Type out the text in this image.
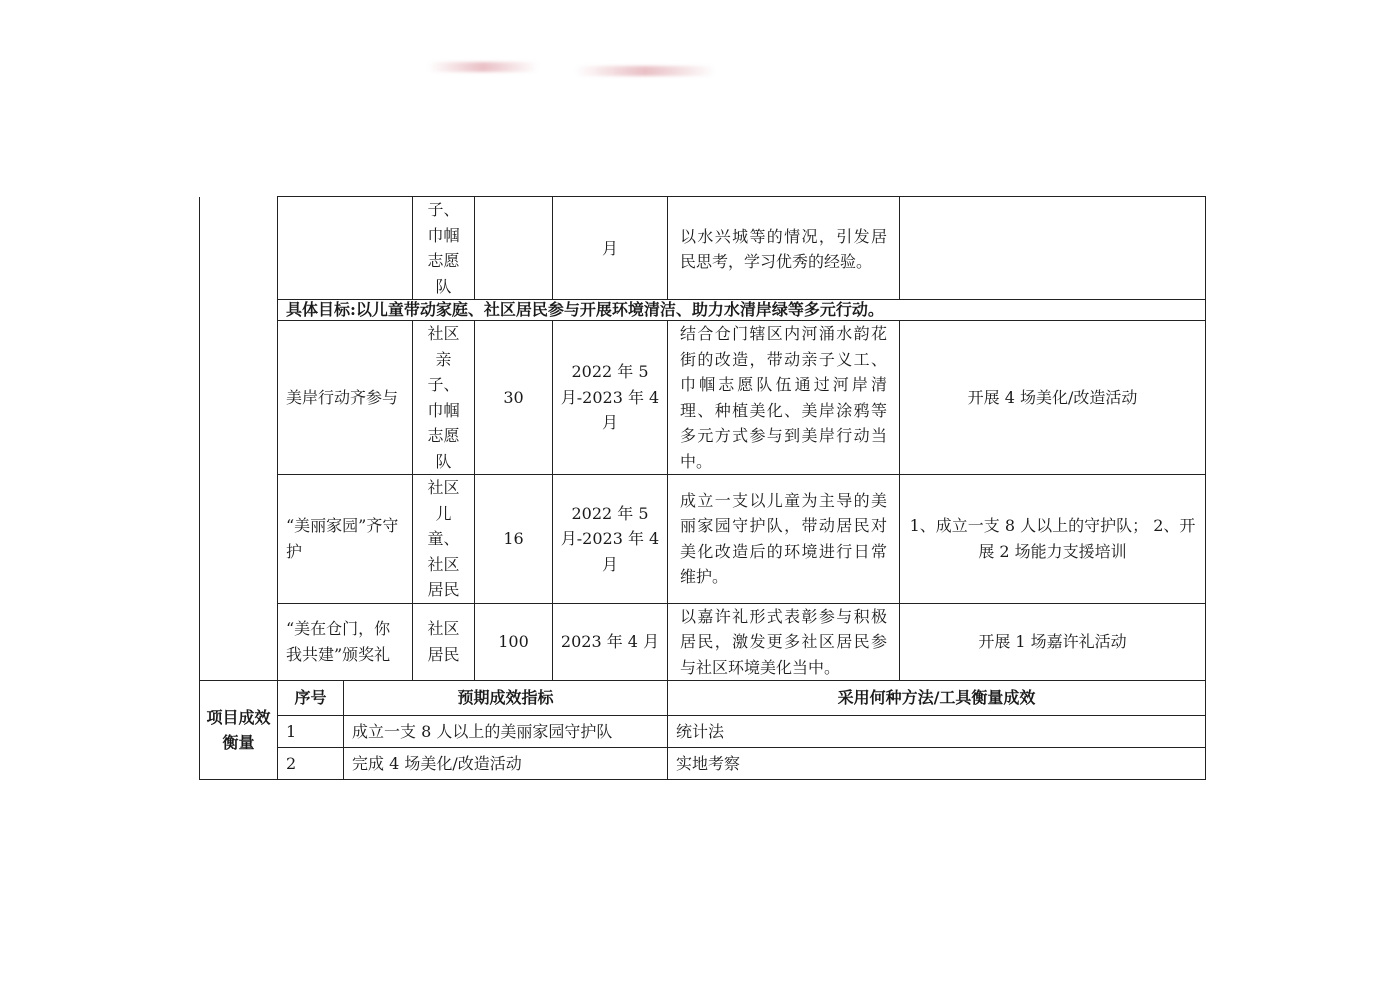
			子、巾帼志愿队		月	以水兴城等的情况，引发居民思考，学习优秀的经验。	
	具体目标:以儿童带动家庭、社区居民参与开展环境清洁、助力水清岸绿等多元行动。						
	美岸行动齐参与		社区亲子、巾帼志愿队	30	2022 年 5 月-2023 年 4 月	结合仓门辖区内河涌水韵花街的改造，带动亲子义工、巾帼志愿队伍通过河岸清理、种植美化、美岸涂鸦等多元方式参与到美岸行动当中。	开展 4 场美化/改造活动
	“美丽家园”齐守护		社区儿童、社区居民	16	2022 年 5 月-2023 年 4 月	成立一支以儿童为主导的美丽家园守护队，带动居民对美化改造后的环境进行日常维护。	1、成立一支 8 人以上的守护队； 2、开展 2 场能力支援培训
	“美在仓门，你我共建”颁奖礼		社区居民	100	2023 年 4 月	以嘉许礼形式表彰参与积极居民，激发更多社区居民参与社区环境美化当中。	开展 1 场嘉许礼活动
项目成效衡量	序号	预期成效指标				采用何种方法/工具衡量成效	
	1	成立一支 8 人以上的美丽家园守护队				统计法	
	2	完成 4 场美化/改造活动				实地考察	
